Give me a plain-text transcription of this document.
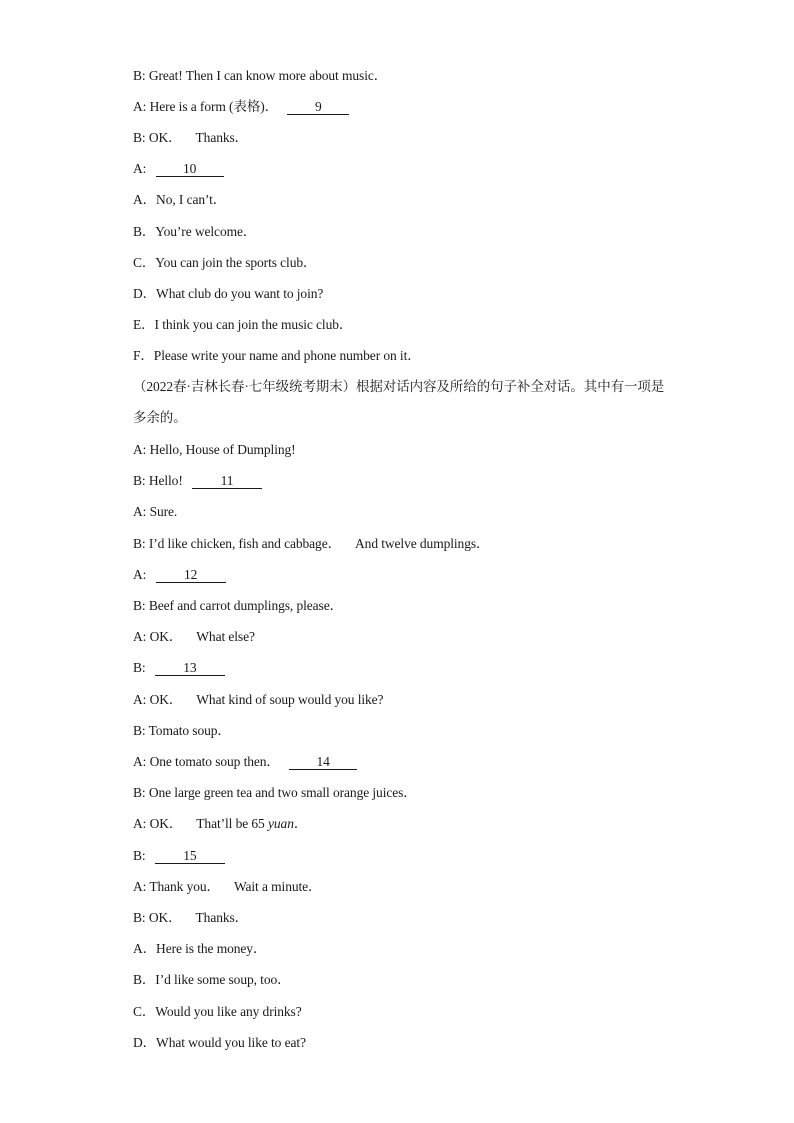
B: Great! Then I can know more about music．
A: Here is a form (表格)．	9
B: OK． Thanks．
A:	10
A．No, I can’t．
B．You’re welcome．
C．You can join the sports club．
D．What club do you want to join?
E．I think you can join the music club．
F．Please write your name and phone number on it．
（2022春·吉林长春·七年级统考期末）根据对话内容及所给的句子补全对话。其中有一项是多余的。
A: Hello, House of Dumpling!
B: Hello!	11
A: Sure.
B: I’d like chicken, fish and cabbage． And twelve dumplings．
A:	12
B: Beef and carrot dumplings, please．
A: OK． What else?
B:	13
A: OK． What kind of soup would you like?
B: Tomato soup．
A: One tomato soup then．	14
B: One large green tea and two small orange juices．
A: OK． That’ll be 65 yuan．
B:	15
A: Thank you． Wait a minute．
B: OK． Thanks．
A．Here is the money．
B．I’d like some soup, too．
C．Would you like any drinks?
D．What would you like to eat?
